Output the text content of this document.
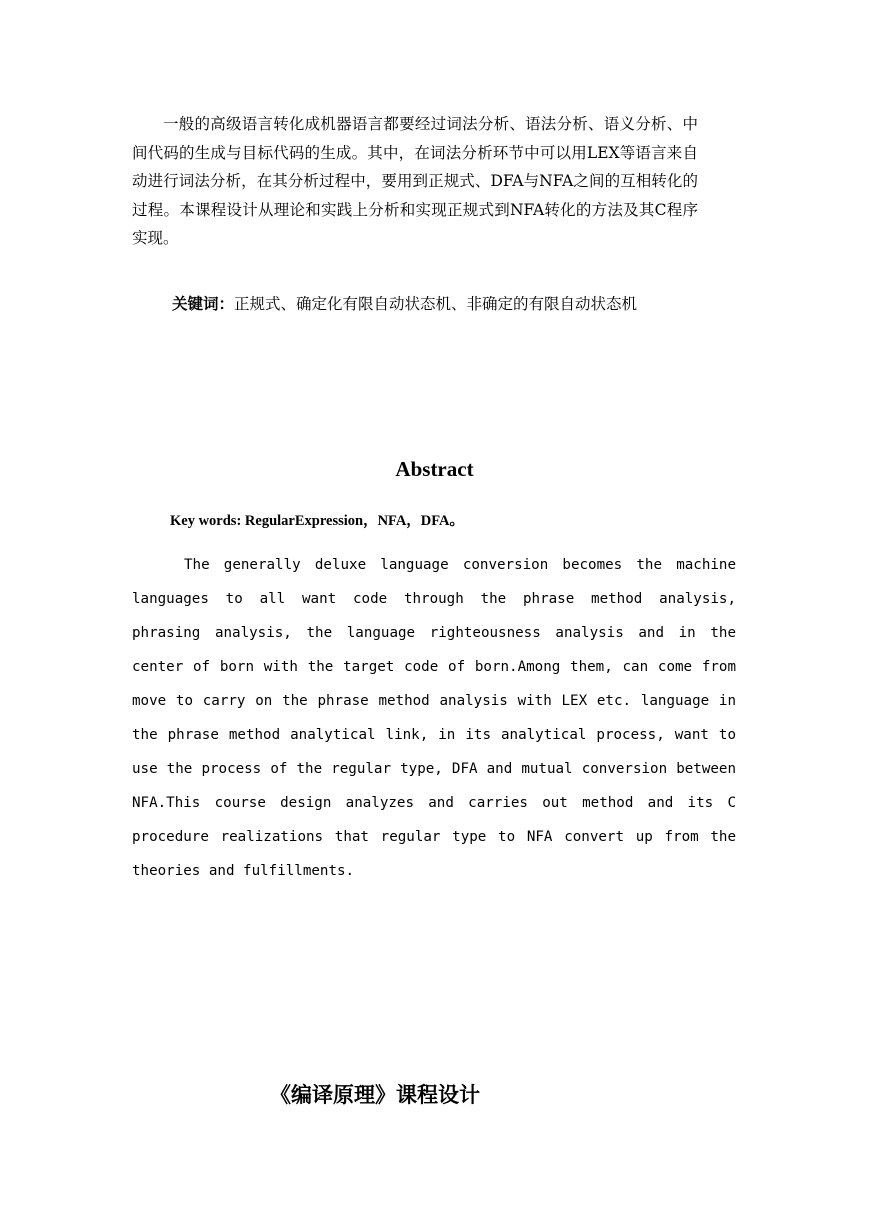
一般的高级语言转化成机器语言都要经过词法分析、语法分析、语义分析、中间代码的生成与目标代码的生成。其中，在词法分析环节中可以用LEX等语言来自动进行词法分析，在其分析过程中，要用到正规式、DFA与NFA之间的互相转化的过程。本课程设计从理论和实践上分析和实现正规式到NFA转化的方法及其C程序实现。

关键词：正规式、确定化有限自动状态机、非确定的有限自动状态机

Abstract

Key words: RegularExpression，NFA，DFA。

The generally deluxe language conversion becomes the machine languages to all want code through the phrase method analysis, phrasing analysis, the language righteousness analysis and in the center of born with the target code of born.Among them, can come from move to carry on the phrase method analysis with LEX etc. language in the phrase method analytical link, in its analytical process, want to use the process of the regular type, DFA and mutual conversion between NFA.This course design analyzes and carries out method and its C procedure realizations that regular type to NFA convert up from the theories and fulfillments.

《编译原理》课程设计
